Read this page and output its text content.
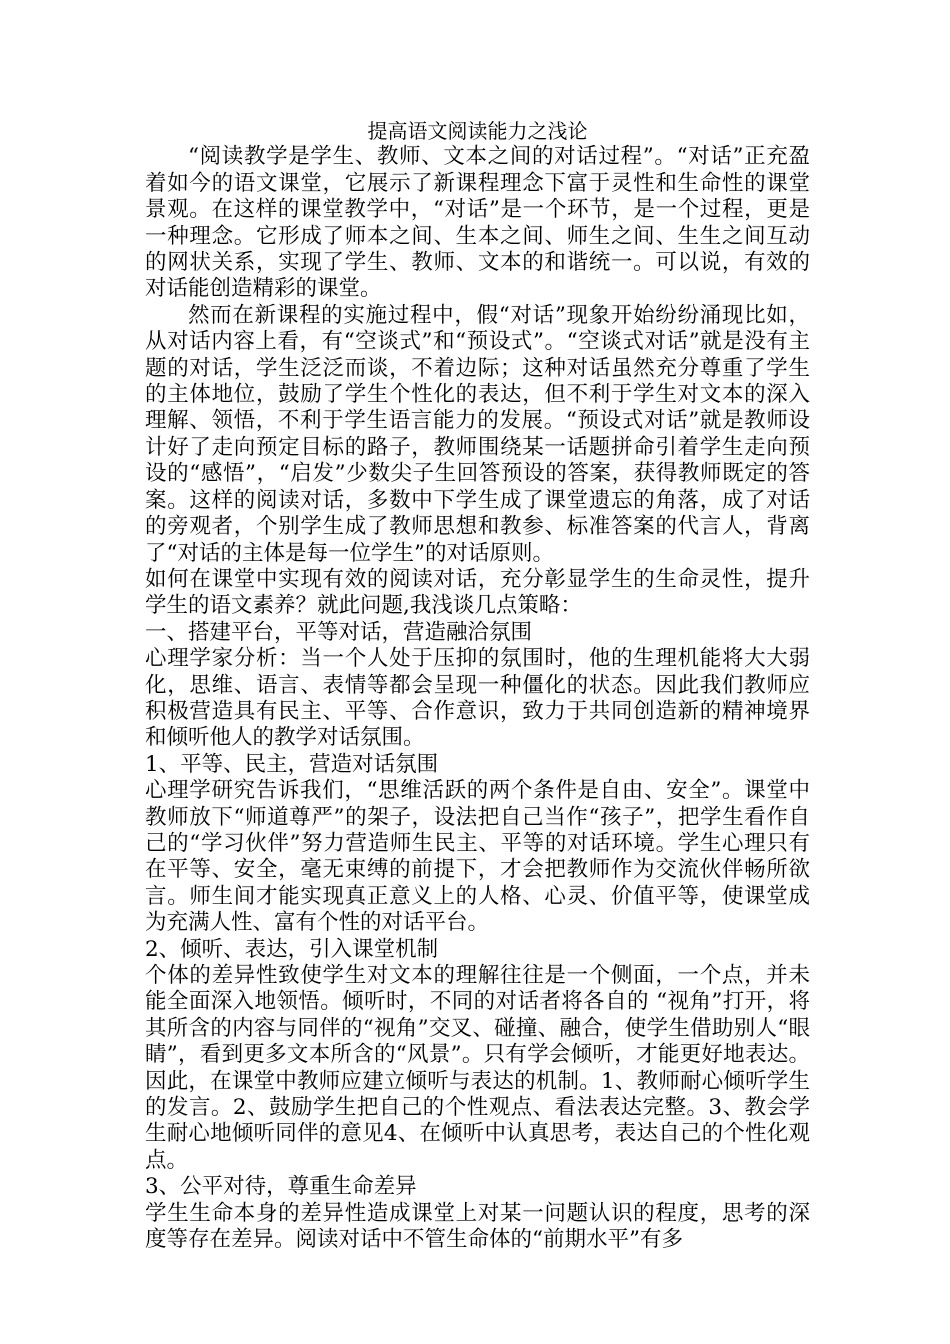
提高语文阅读能力之浅论

“阅读教学是学生、教师、文本之间的对话过程”。“对话”正充盈着如今的语文课堂，它展示了新课程理念下富于灵性和生命性的课堂景观。在这样的课堂教学中，“对话”是一个环节，是一个过程，更是一种理念。它形成了师本之间、生本之间、师生之间、生生之间互动的网状关系，实现了学生、教师、文本的和谐统一。可以说，有效的对话能创造精彩的课堂。

然而在新课程的实施过程中，假“对话”现象开始纷纷涌现比如，从对话内容上看，有“空谈式”和“预设式”。“空谈式对话”就是没有主题的对话，学生泛泛而谈，不着边际；这种对话虽然充分尊重了学生的主体地位，鼓励了学生个性化的表达，但不利于学生对文本的深入理解、领悟，不利于学生语言能力的发展。“预设式对话”就是教师设计好了走向预定目标的路子，教师围绕某一话题拼命引着学生走向预设的“感悟”，“启发”少数尖子生回答预设的答案，获得教师既定的答案。这样的阅读对话，多数中下学生成了课堂遗忘的角落，成了对话的旁观者，个别学生成了教师思想和教参、标准答案的代言人，背离了“对话的主体是每一位学生”的对话原则。

如何在课堂中实现有效的阅读对话，充分彰显学生的生命灵性，提升学生的语文素养？就此问题,我浅谈几点策略：

一、搭建平台，平等对话，营造融洽氛围

心理学家分析：当一个人处于压抑的氛围时，他的生理机能将大大弱化，思维、语言、表情等都会呈现一种僵化的状态。因此我们教师应积极营造具有民主、平等、合作意识，致力于共同创造新的精神境界和倾听他人的教学对话氛围。

1、平等、民主，营造对话氛围

心理学研究告诉我们，“思维活跃的两个条件是自由、安全”。课堂中教师放下“师道尊严”的架子，设法把自己当作“孩子”，把学生看作自己的“学习伙伴”努力营造师生民主、平等的对话环境。学生心理只有在平等、安全，毫无束缚的前提下，才会把教师作为交流伙伴畅所欲言。师生间才能实现真正意义上的人格、心灵、价值平等，使课堂成为充满人性、富有个性的对话平台。

2、倾听、表达，引入课堂机制

个体的差异性致使学生对文本的理解往往是一个侧面，一个点，并未能全面深入地领悟。倾听时，不同的对话者将各自的 “视角”打开，将其所含的内容与同伴的“视角”交叉、碰撞、融合，使学生借助别人“眼睛”，看到更多文本所含的“风景”。只有学会倾听，才能更好地表达。因此，在课堂中教师应建立倾听与表达的机制。1、教师耐心倾听学生的发言。2、鼓励学生把自己的个性观点、看法表达完整。3、教会学生耐心地倾听同伴的意见4、在倾听中认真思考，表达自己的个性化观点。

3、公平对待，尊重生命差异

学生生命本身的差异性造成课堂上对某一问题认识的程度，思考的深度等存在差异。阅读对话中不管生命体的“前期水平”有多
